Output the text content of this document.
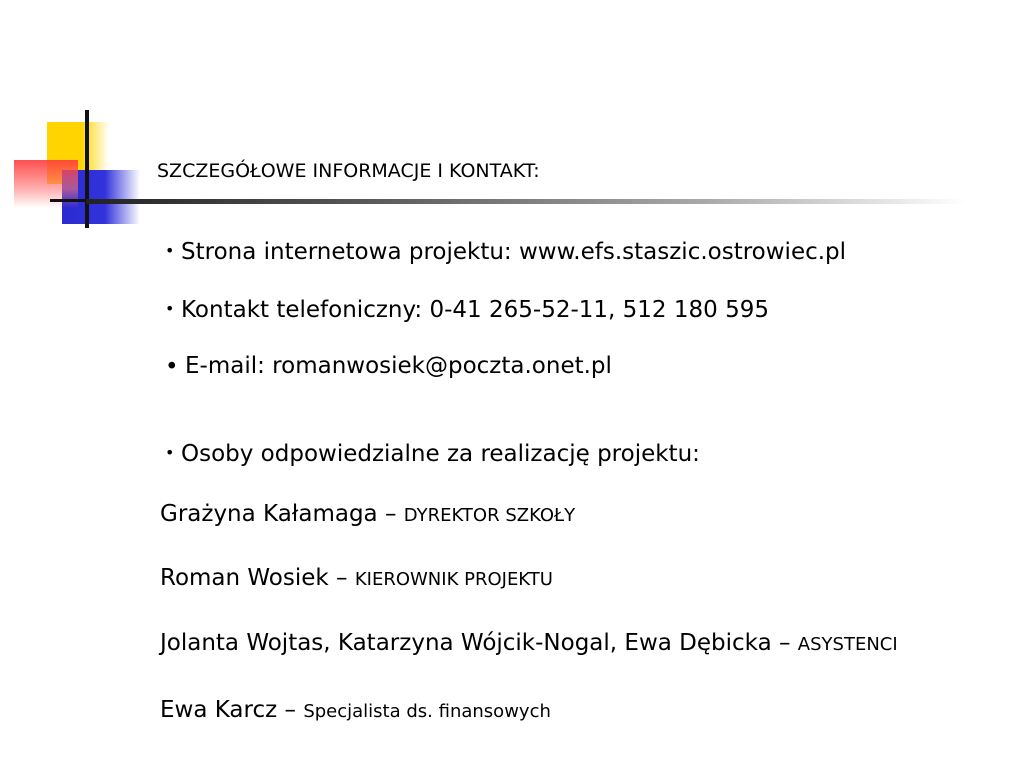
SZCZEGÓŁOWE INFORMACJE I KONTAKT:
• Strona internetowa projektu: www.efs.staszic.ostrowiec.pl
• Kontakt telefoniczny: 0-41 265-52-11, 512 180 595
• E-mail: romanwosiek@poczta.onet.pl
• Osoby odpowiedzialne za realizację projektu:
Grażyna Kałamaga – DYREKTOR SZKOŁY
Roman Wosiek – KIEROWNIK PROJEKTU
Jolanta Wojtas, Katarzyna Wójcik-Nogal, Ewa Dębicka – ASYSTENCI
Ewa Karcz – Specjalista ds. finansowych
